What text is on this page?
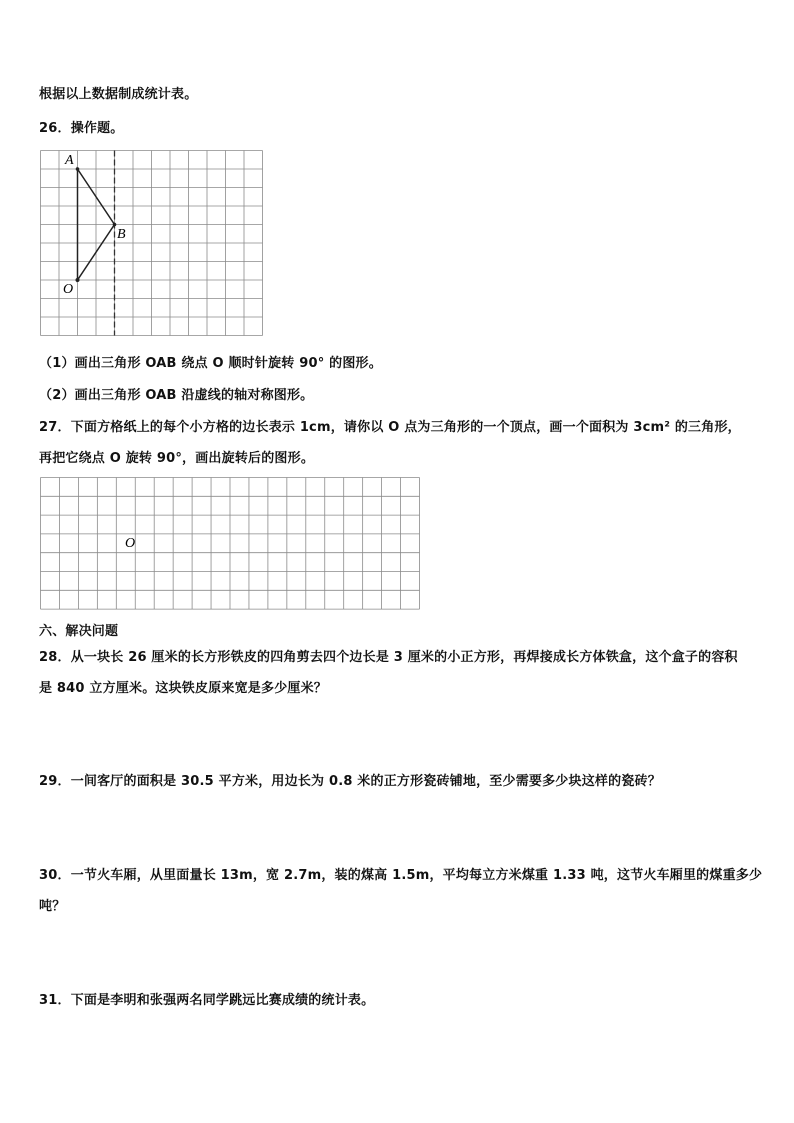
根据以上数据制成统计表。
26．操作题。
A
B
O
（1）画出三角形 OAB 绕点 O 顺时针旋转 90° 的图形。
（2）画出三角形 OAB 沿虚线的轴对称图形。
27．下面方格纸上的每个小方格的边长表示 1cm，请你以 O 点为三角形的一个顶点，画一个面积为 3cm² 的三角形，
再把它绕点 O 旋转 90°，画出旋转后的图形。
O
六、解决问题
28．从一块长 26 厘米的长方形铁皮的四角剪去四个边长是 3 厘米的小正方形，再焊接成长方体铁盒，这个盒子的容积
是 840 立方厘米。这块铁皮原来宽是多少厘米？
29．一间客厅的面积是 30.5 平方米，用边长为 0.8 米的正方形瓷砖铺地，至少需要多少块这样的瓷砖？
30．一节火车厢，从里面量长 13m，宽 2.7m，装的煤高 1.5m，平均每立方米煤重 1.33 吨，这节火车厢里的煤重多少
吨？
31．下面是李明和张强两名同学跳远比赛成绩的统计表。
